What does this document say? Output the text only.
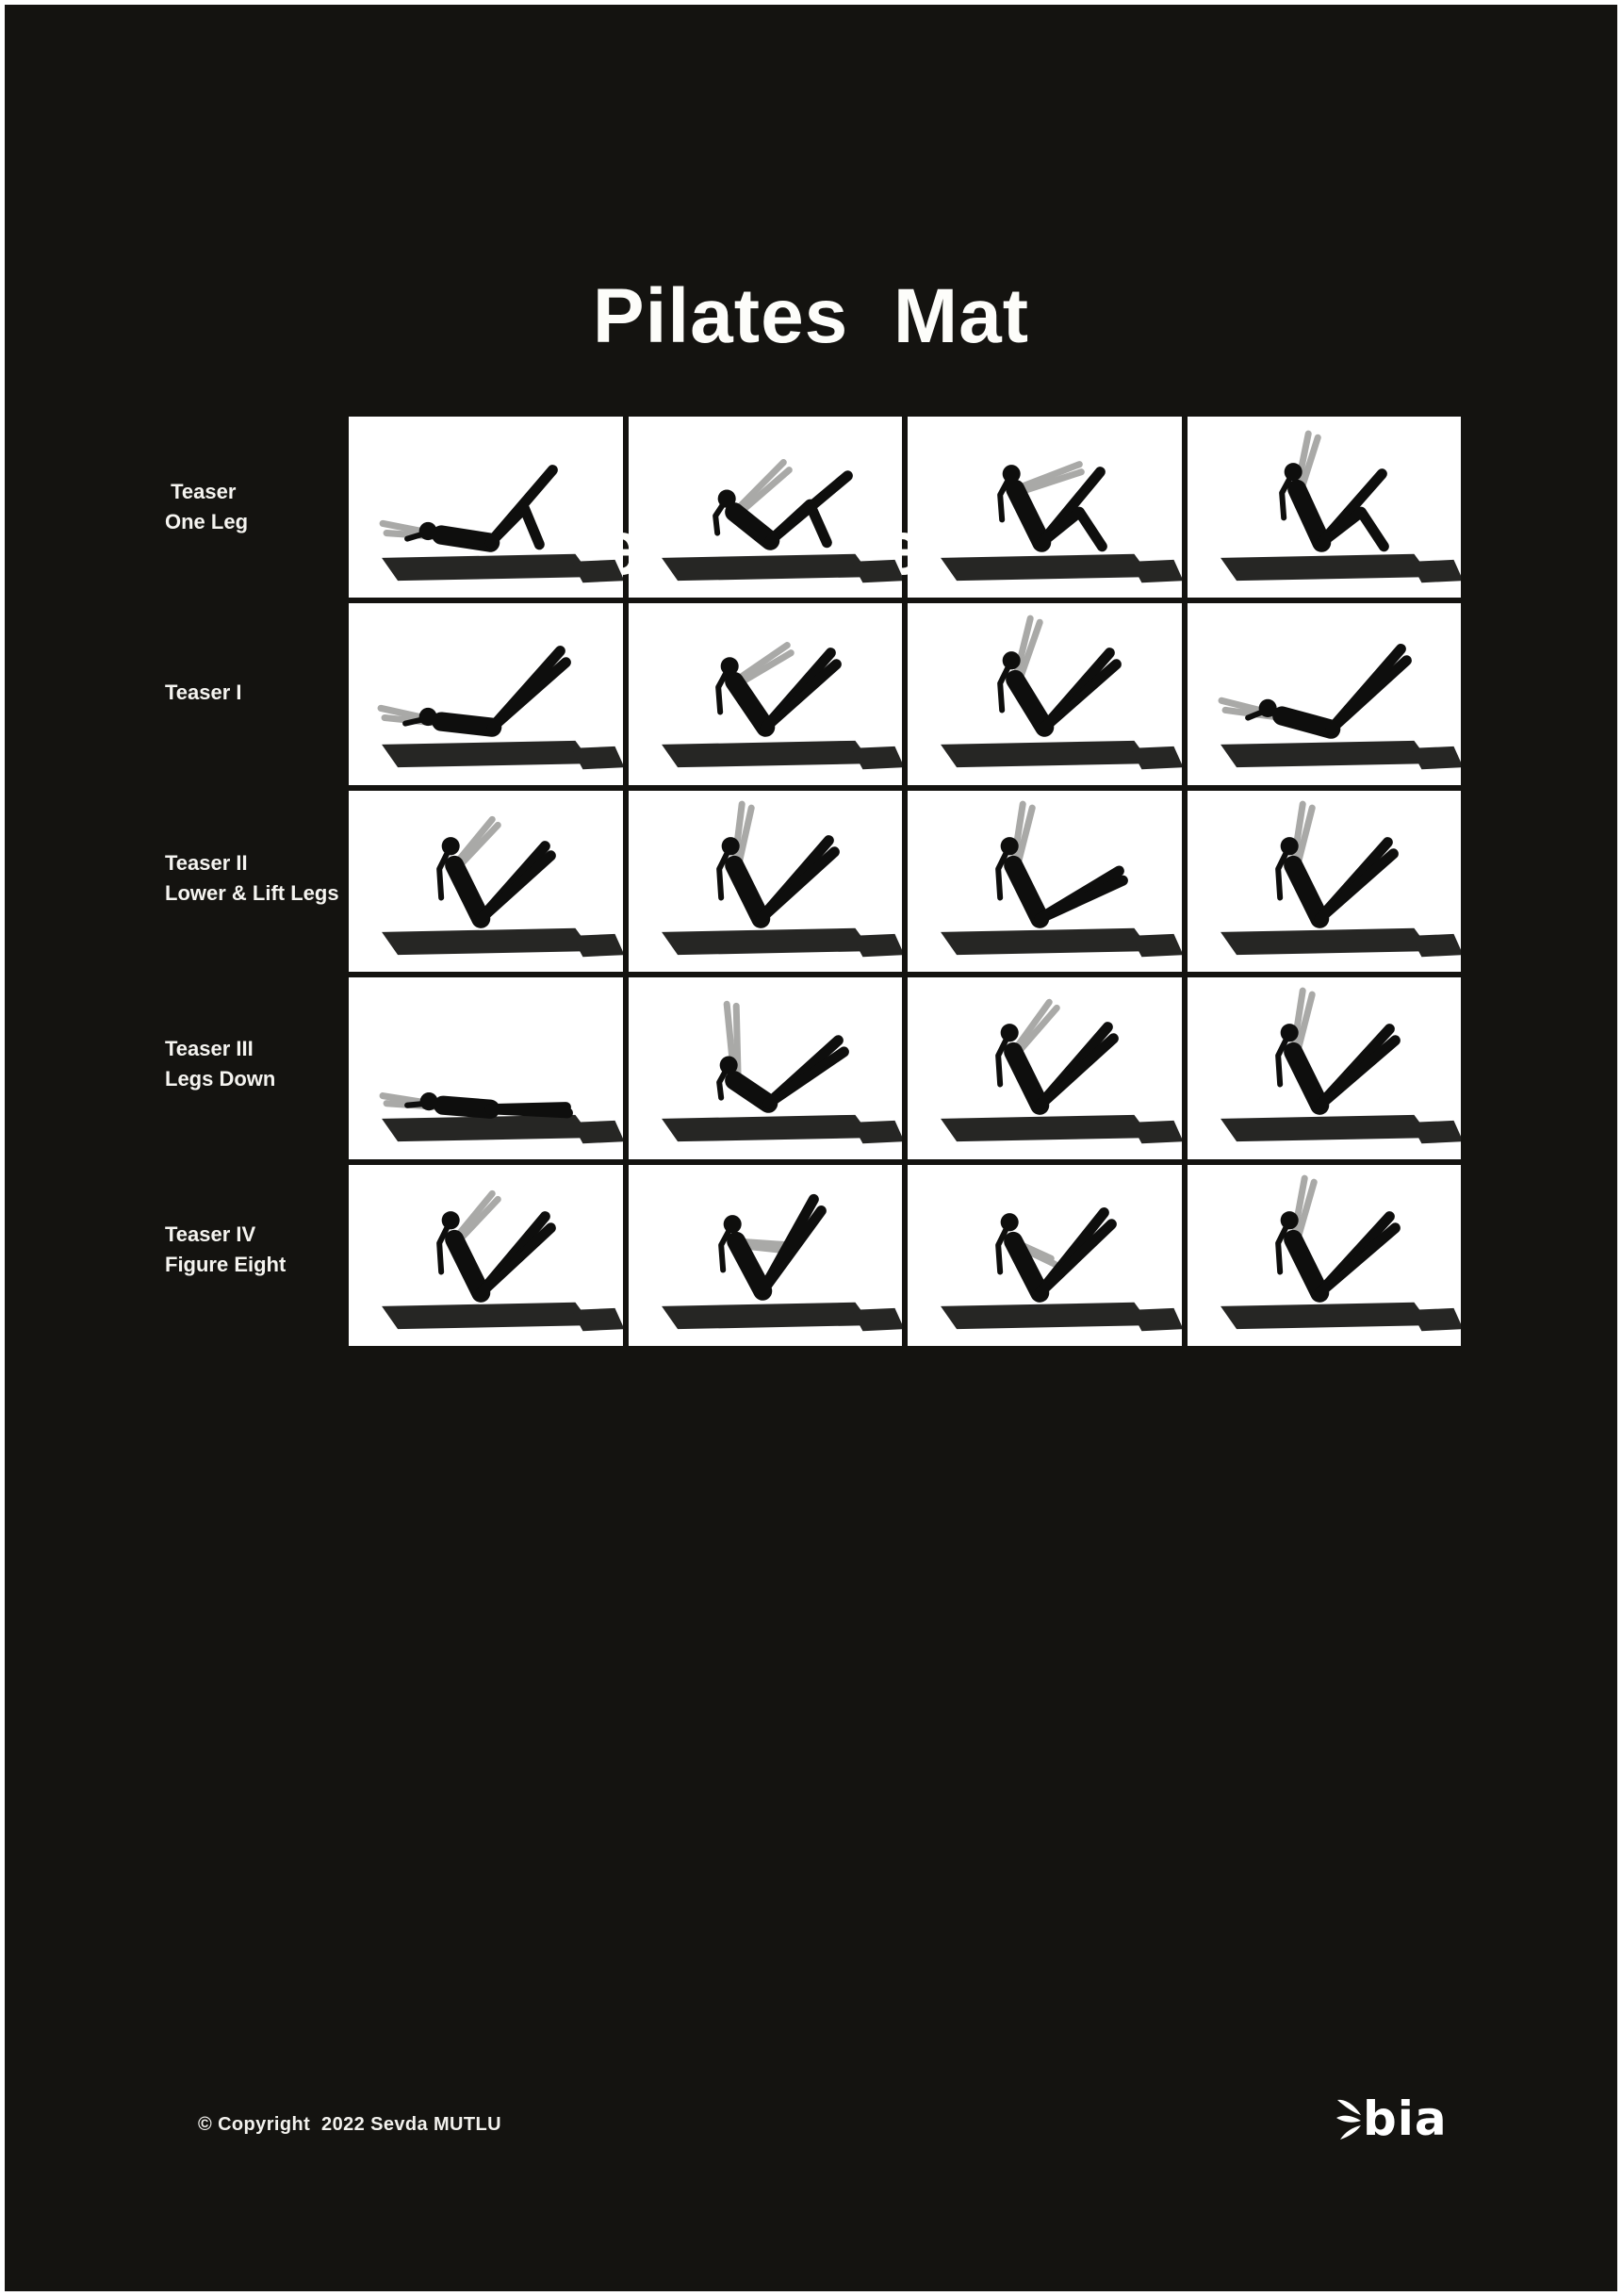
Pilates  Mat

Teaser
One Leg
Teaser I
Teaser II
Lower & Lift Legs
Teaser III
Legs Down
Teaser IV
Figure Eight
© Copyright  2022 Sevda MUTLU	bia
